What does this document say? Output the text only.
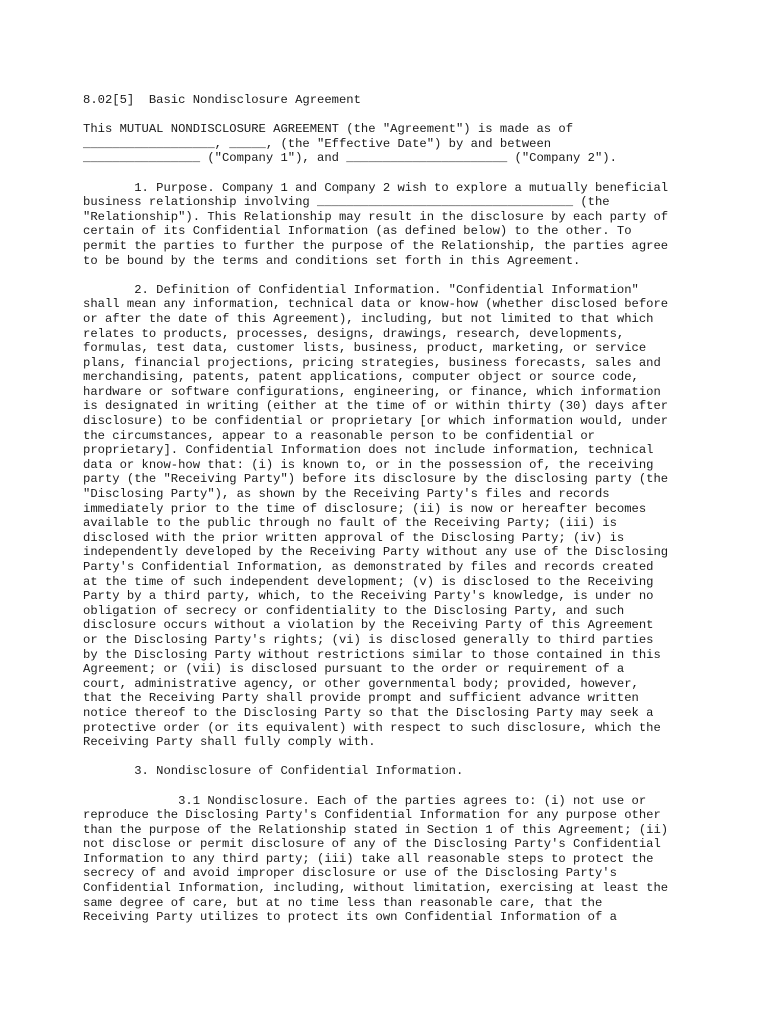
8.02[5]  Basic Nondisclosure Agreement
This MUTUAL NONDISCLOSURE AGREEMENT (the "Agreement") is made as of
__________________, _____, (the "Effective Date") by and between
________________ ("Company 1"), and ______________________ ("Company 2").
1. Purpose. Company 1 and Company 2 wish to explore a mutually beneficial
business relationship involving ___________________________________ (the
"Relationship"). This Relationship may result in the disclosure by each party of
certain of its Confidential Information (as defined below) to the other. To
permit the parties to further the purpose of the Relationship, the parties agree
to be bound by the terms and conditions set forth in this Agreement.
2. Definition of Confidential Information. "Confidential Information"
shall mean any information, technical data or know-how (whether disclosed before
or after the date of this Agreement), including, but not limited to that which
relates to products, processes, designs, drawings, research, developments,
formulas, test data, customer lists, business, product, marketing, or service
plans, financial projections, pricing strategies, business forecasts, sales and
merchandising, patents, patent applications, computer object or source code,
hardware or software configurations, engineering, or finance, which information
is designated in writing (either at the time of or within thirty (30) days after
disclosure) to be confidential or proprietary [or which information would, under
the circumstances, appear to a reasonable person to be confidential or
proprietary]. Confidential Information does not include information, technical
data or know-how that: (i) is known to, or in the possession of, the receiving
party (the "Receiving Party") before its disclosure by the disclosing party (the
"Disclosing Party"), as shown by the Receiving Party's files and records
immediately prior to the time of disclosure; (ii) is now or hereafter becomes
available to the public through no fault of the Receiving Party; (iii) is
disclosed with the prior written approval of the Disclosing Party; (iv) is
independently developed by the Receiving Party without any use of the Disclosing
Party's Confidential Information, as demonstrated by files and records created
at the time of such independent development; (v) is disclosed to the Receiving
Party by a third party, which, to the Receiving Party's knowledge, is under no
obligation of secrecy or confidentiality to the Disclosing Party, and such
disclosure occurs without a violation by the Receiving Party of this Agreement
or the Disclosing Party's rights; (vi) is disclosed generally to third parties
by the Disclosing Party without restrictions similar to those contained in this
Agreement; or (vii) is disclosed pursuant to the order or requirement of a
court, administrative agency, or other governmental body; provided, however,
that the Receiving Party shall provide prompt and sufficient advance written
notice thereof to the Disclosing Party so that the Disclosing Party may seek a
protective order (or its equivalent) with respect to such disclosure, which the
Receiving Party shall fully comply with.
3. Nondisclosure of Confidential Information.
3.1 Nondisclosure. Each of the parties agrees to: (i) not use or
reproduce the Disclosing Party's Confidential Information for any purpose other
than the purpose of the Relationship stated in Section 1 of this Agreement; (ii)
not disclose or permit disclosure of any of the Disclosing Party's Confidential
Information to any third party; (iii) take all reasonable steps to protect the
secrecy of and avoid improper disclosure or use of the Disclosing Party's
Confidential Information, including, without limitation, exercising at least the
same degree of care, but at no time less than reasonable care, that the
Receiving Party utilizes to protect its own Confidential Information of a
